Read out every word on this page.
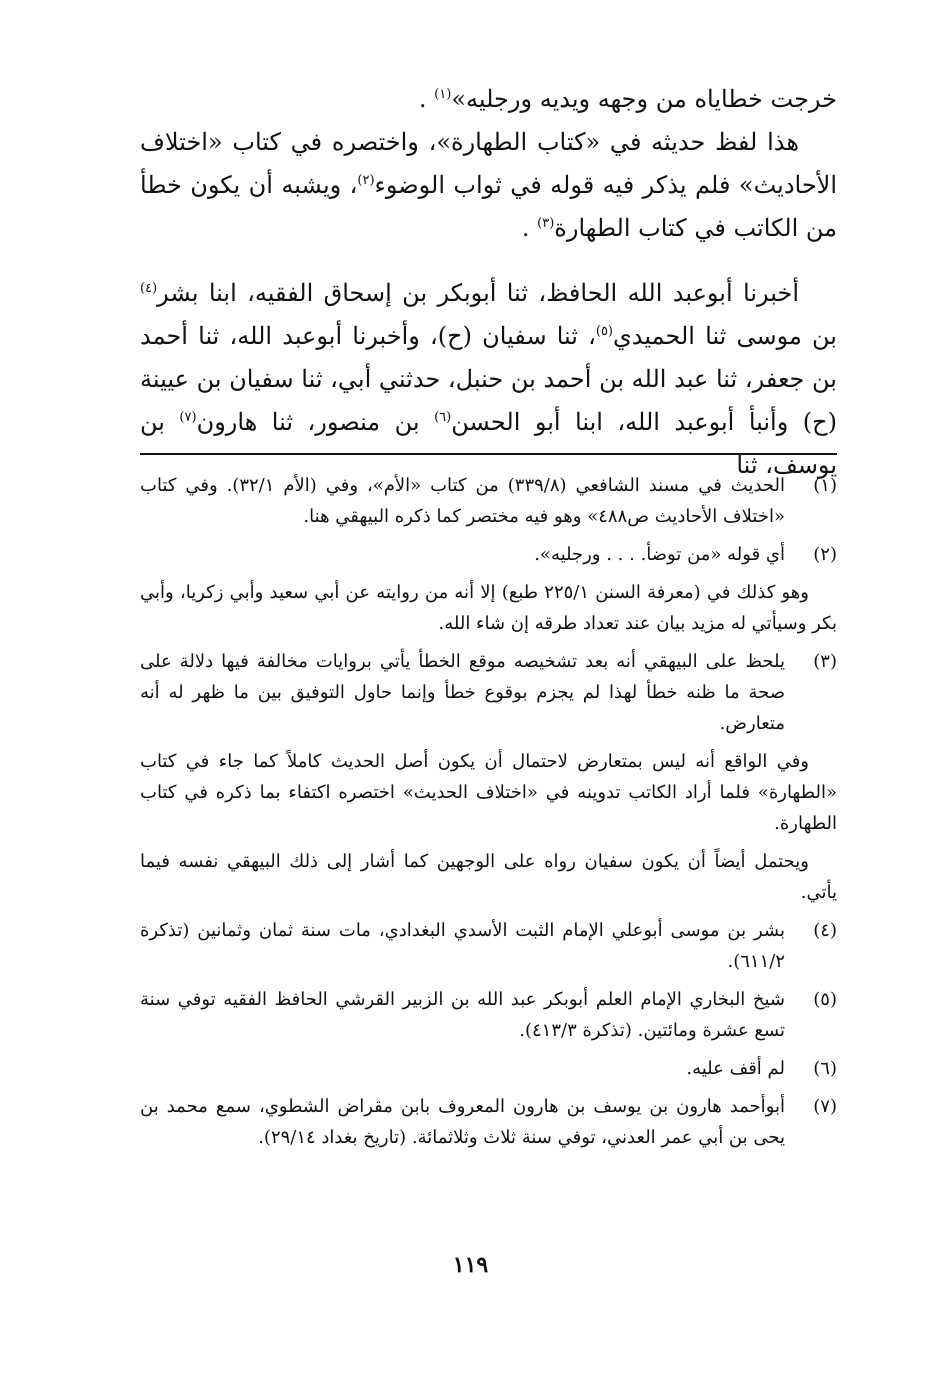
خرجت خطاياه من وجهه ويديه ورجليه»$^{(١)}$ .

هذا لفظ حديثه في «كتاب الطهارة»، واختصره في كتاب «اختلاف الأحاديث» فلم يذكر فيه قوله في ثواب الوضوء$^{(٢)}$، ويشبه أن يكون خطأ من الكاتب في كتاب الطهارة$^{(٣)}$ .

أخبرنا أبوعبد الله الحافظ، ثنا أبوبكر بن إسحاق الفقيه، ابنا بشر$^{(٤)}$ بن موسى ثنا الحميدي$^{(٥)}$، ثنا سفيان (ح)، وأخبرنا أبوعبد الله، ثنا أحمد بن جعفر، ثنا عبد الله بن أحمد بن حنبل، حدثني أبي، ثنا سفيان بن عيينة (ح) وأنبأ أبوعبد الله، ابنا أبو الحسن$^{(٦)}$ بن منصور، ثنا هارون$^{(٧)}$ بن يوسف، ثنا

(١)

الحديث في مسند الشافعي (٣٣٩/٨) من كتاب «الأم»، وفي (الأم ٣٢/١). وفي كتاب «اختلاف الأحاديث ص٤٨٨» وهو فيه مختصر كما ذكره البيهقي هنا.

(٢)

أي قوله «من توضأ. . . . ورجليه».

وهو كذلك في (معرفة السنن ٢٢٥/١ طبع) إلا أنه من روايته عن أبي سعيد وأبي زكريا، وأبي بكر وسيأتي له مزيد بيان عند تعداد طرقه إن شاء الله.

(٣)

يلحظ على البيهقي أنه بعد تشخيصه موقع الخطأ يأتي بروايات مخالفة فيها دلالة على صحة ما ظنه خطأ لهذا لم يجزم بوقوع خطأ وإنما حاول التوفيق بين ما ظهر له أنه متعارض.

وفي الواقع أنه ليس بمتعارض لاحتمال أن يكون أصل الحديث كاملاً كما جاء في كتاب «الطهارة» فلما أراد الكاتب تدوينه في «اختلاف الحديث» اختصره اكتفاء بما ذكره في كتاب الطهارة.

ويحتمل أيضاً أن يكون سفيان رواه على الوجهين كما أشار إلى ذلك البيهقي نفسه فيما يأتي.

(٤)

بشر بن موسى أبوعلي الإمام الثبت الأسدي البغدادي، مات سنة ثمان وثمانين (تذكرة ٦١١/٢).

(٥)

شيخ البخاري الإمام العلم أبوبكر عبد الله بن الزبير القرشي الحافظ الفقيه توفي سنة تسع عشرة ومائتين. (تذكرة ٤١٣/٣).

(٦)

لم أقف عليه.

(٧)

أبوأحمد هارون بن يوسف بن هارون المعروف بابن مقراض الشطوي، سمع محمد بن يحى بن أبي عمر العدني، توفي سنة ثلاث وثلاثمائة. (تاريخ بغداد ٢٩/١٤).

١١٩
